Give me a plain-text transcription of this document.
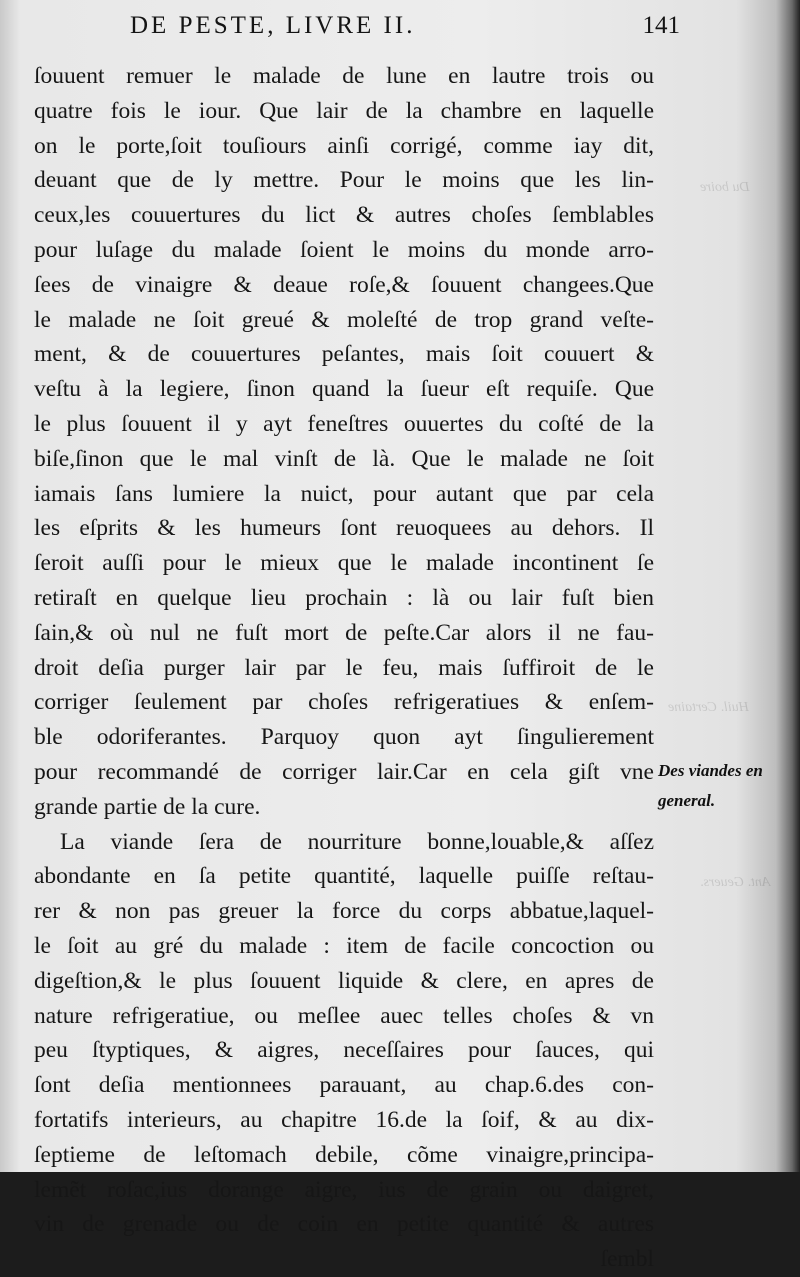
DE PESTE, LIVRE II.	141
Du boire
Huil. Certaine
Ant. Geuers.
ſouuent remuer le malade de lune en lautre trois ou
quatre fois le iour. Que lair de la chambre en laquelle
on le porte,ſoit touſiours ainſi corrigé, comme iay dit,
deuant que de ly mettre. Pour le moins que les lin-
ceux,les couuertures du lict & autres choſes ſemblables
pour luſage du malade ſoient le moins du monde arro-
ſees de vinaigre & deaue roſe,& ſouuent changees.Que
le malade ne ſoit greué & moleſté de trop grand veſte-
ment, & de couuertures peſantes, mais ſoit couuert &
veſtu à la legiere, ſinon quand la ſueur eſt requiſe. Que
le plus ſouuent il y ayt feneſtres ouuertes du coſté de la
biſe,ſinon que le mal vinſt de là. Que le malade ne ſoit
iamais ſans lumiere la nuict, pour autant que par cela
les eſprits & les humeurs ſont reuoquees au dehors. Il
ſeroit auſſi pour le mieux que le malade incontinent ſe
retiraſt en quelque lieu prochain : là ou lair fuſt bien
ſain,& où nul ne fuſt mort de peſte.Car alors il ne fau-
droit deſia purger lair par le feu, mais ſuffiroit de le
corriger ſeulement par choſes refrigeratiues & enſem-
ble odoriferantes. Parquoy quon ayt ſingulierement
pour recommandé de corriger lair.Car en cela giſt vne
grande partie de la cure.
La viande ſera de nourriture bonne,louable,& aſſez
abondante en ſa petite quantité, laquelle puiſſe reſtau-
rer & non pas greuer la force du corps abbatue,laquel-
le ſoit au gré du malade : item de facile concoction ou
digeſtion,& le plus ſouuent liquide & clere, en apres de
nature refrigeratiue, ou meſlee auec telles choſes & vn
peu ſtyptiques, & aigres, neceſſaires pour ſauces, qui
ſont deſia mentionnees parauant, au chap.6.des con-
fortatifs interieurs, au chapitre 16.de la ſoif, & au dix-
ſeptieme de leſtomach debile, cõme vinaigre,principa-
lemẽt roſac,ius dorange aigre, ius de grain ou daigret,
vin de grenade ou de coin en petite quantité & autres
ſembl
Des viandes en general.
